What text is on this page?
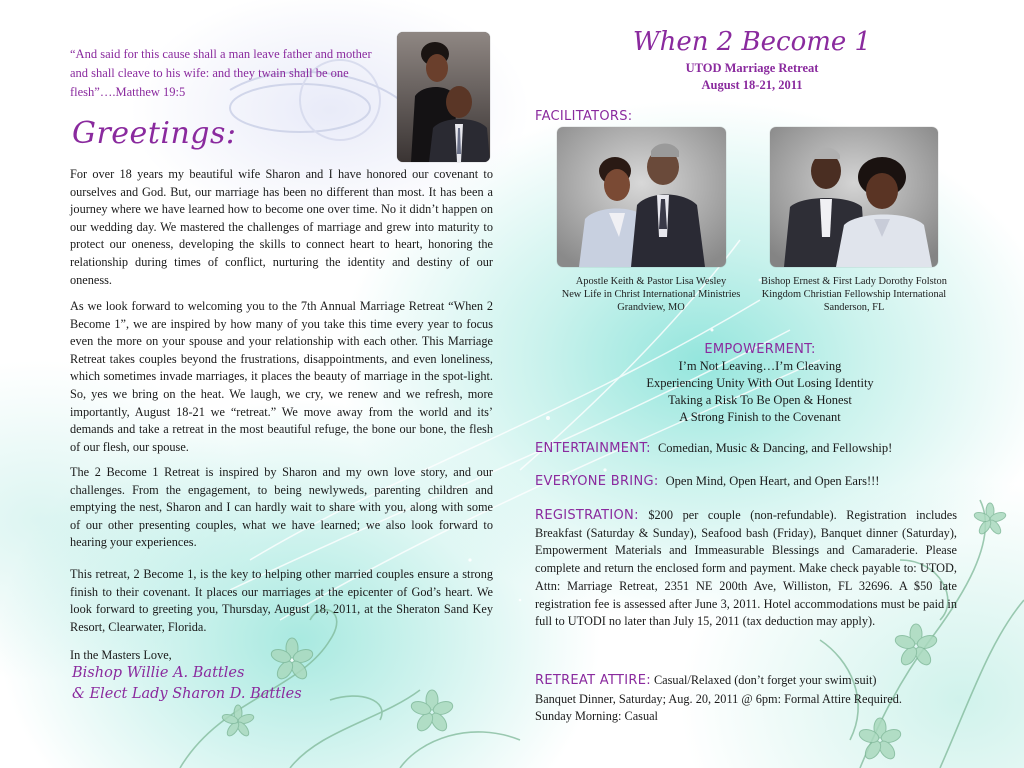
“And said for this cause shall a man leave father and mother and shall cleave to his wife: and they twain shall be one flesh”….Matthew 19:5
Greetings:
For over 18 years my beautiful wife Sharon and I have honored our covenant to ourselves and God. But, our marriage has been no different than most. It has been a journey where we have learned how to become one over time. No it didn’t happen on our wedding day. We mastered the challenges of marriage and grew into maturity to protect our oneness, developing the skills to connect heart to heart, honoring the relationship during times of conflict, nurturing the identity and destiny of our oneness.
As we look forward to welcoming you to the 7th Annual Marriage Retreat “When 2 Become 1”, we are inspired by how many of you take this time every year to focus even the more on your spouse and your relationship with each other. This Marriage Retreat takes couples beyond the frustrations, disappointments, and even loneliness, which sometimes invade marriages, it places the beauty of marriage in the spot-light. So, yes we bring on the heat. We laugh, we cry, we renew and we refresh, more importantly, August 18-21 we “retreat.” We move away from the world and its’ demands and take a retreat in the most beautiful refuge, the bone our bone, the flesh of our flesh, our spouse.
The 2 Become 1 Retreat is inspired by Sharon and my own love story, and our challenges. From the engagement, to being newlyweds, parenting children and emptying the nest, Sharon and I can hardly wait to share with you, along with some of our other presenting couples, what we have learned; we also look forward to hearing your experiences.
This retreat, 2 Become 1, is the key to helping other married couples ensure a strong finish to their covenant. It places our marriages at the epicenter of God’s heart. We look forward to greeting you, Thursday, August 18, 2011, at the Sheraton Sand Key Resort, Clearwater, Florida.
In the Masters Love,
Bishop Willie A. Battles
& Elect Lady Sharon D. Battles
When 2 Become 1
UTOD Marriage Retreat
August 18-21, 2011
FACILITATORS:
Apostle Keith & Pastor Lisa Wesley
New Life in Christ International Ministries
Grandview, MO
Bishop Ernest & First Lady Dorothy Folston
Kingdom Christian Fellowship International
Sanderson, FL
EMPOWERMENT:
I’m Not Leaving…I’m Cleaving
Experiencing Unity With Out Losing Identity
Taking a Risk To Be Open & Honest
A Strong Finish to the Covenant
ENTERTAINMENT: Comedian, Music & Dancing, and Fellowship!
EVERYONE BRING: Open Mind, Open Heart, and Open Ears!!!
REGISTRATION: $200 per couple (non-refundable). Registration includes Breakfast (Saturday & Sunday), Seafood bash (Friday), Banquet dinner (Saturday), Empowerment Materials and Immeasurable Blessings and Camaraderie. Please complete and return the enclosed form and payment. Make check payable to: UTOD, Attn: Marriage Retreat, 2351 NE 200th Ave, Williston, FL 32696. A $50 late registration fee is assessed after June 3, 2011. Hotel accommodations must be paid in full to UTODI no later than July 15, 2011 (tax deduction may apply).
RETREAT ATTIRE: Casual/Relaxed (don’t forget your swim suit)
Banquet Dinner, Saturday; Aug. 20, 2011 @ 6pm: Formal Attire Required.
Sunday Morning: Casual
